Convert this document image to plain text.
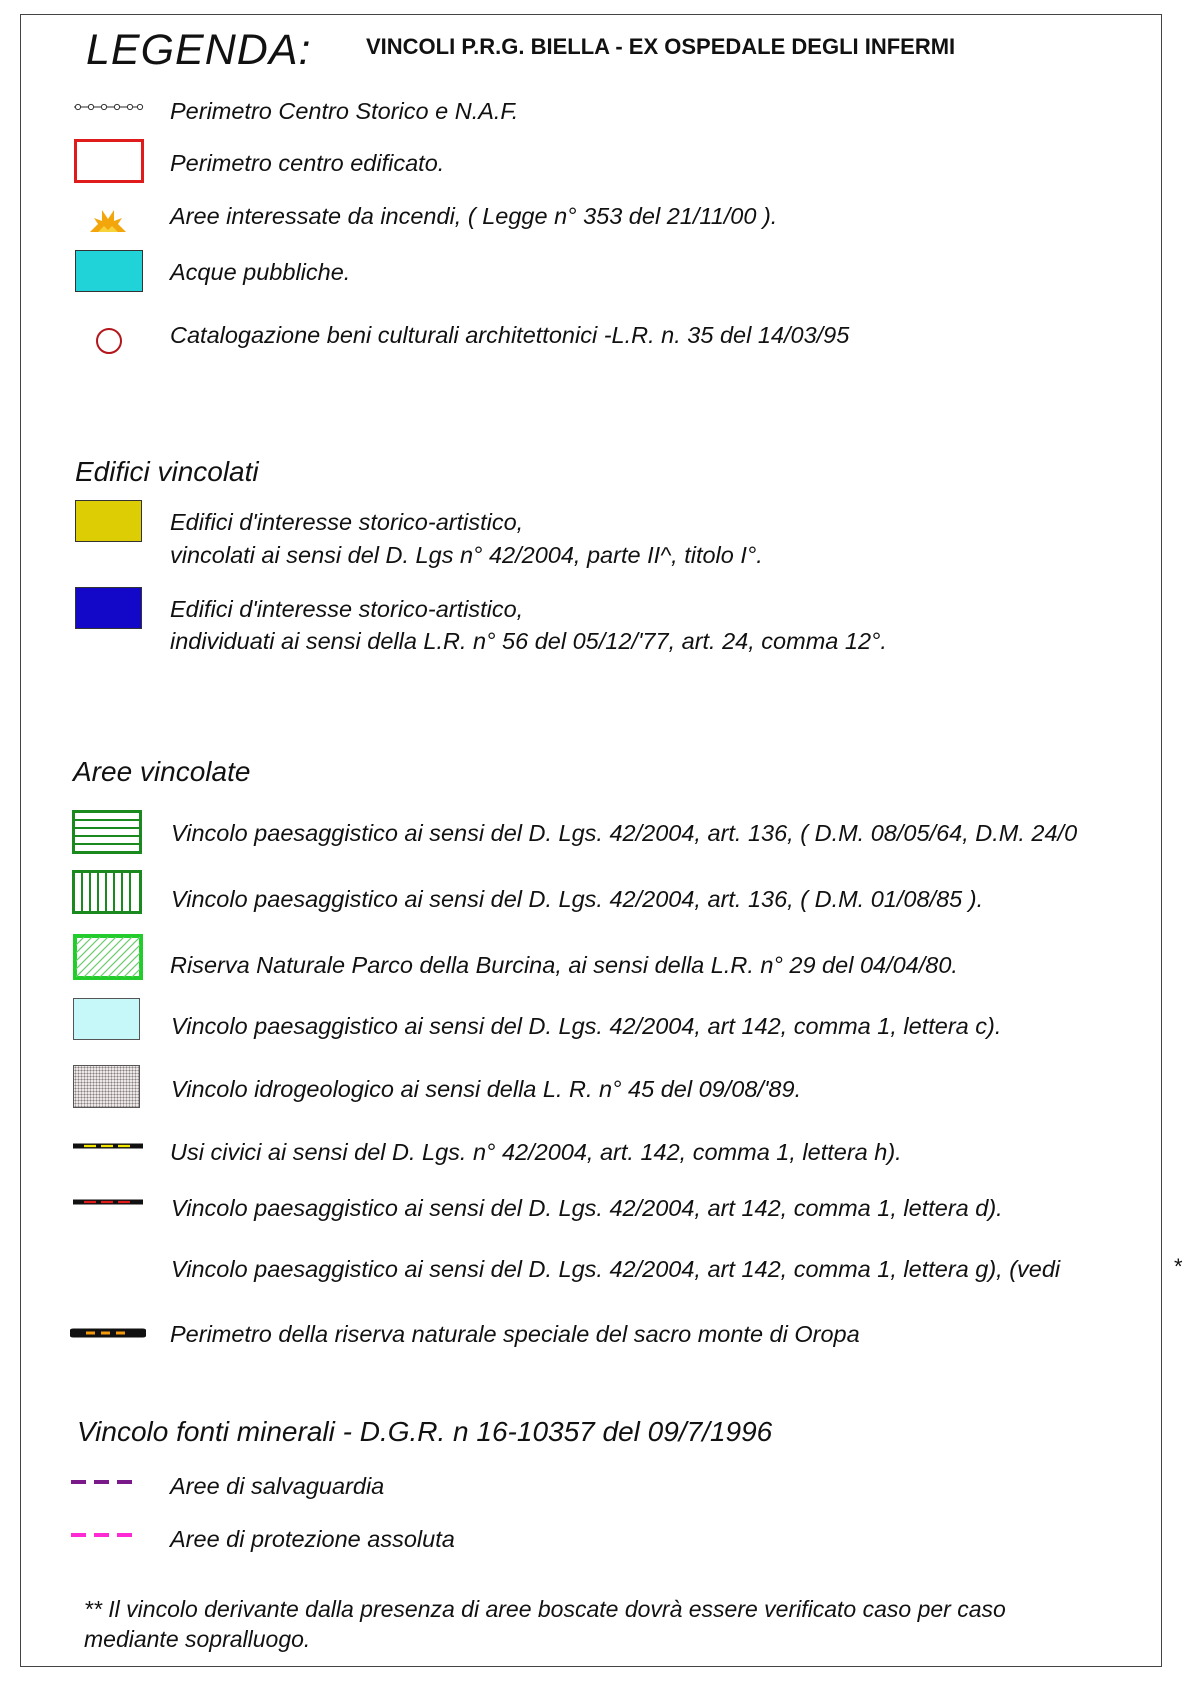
LEGENDA: VINCOLI P.R.G. BIELLA - EX OSPEDALE DEGLI INFERMI
Perimetro Centro Storico e N.A.F.
Perimetro centro edificato.
Aree interessate da incendi, ( Legge n° 353 del 21/11/00 ).
Acque pubbliche.
Catalogazione beni culturali architettonici -L.R. n. 35 del 14/03/95
Edifici vincolati
Edifici d'interesse storico-artistico,
vincolati ai sensi del D. Lgs n° 42/2004, parte II^, titolo I°.
Edifici d'interesse storico-artistico,
individuati ai sensi della L.R. n° 56 del 05/12/'77, art. 24, comma 12°.
Aree vincolate
Vincolo paesaggistico ai sensi del D. Lgs. 42/2004, art. 136, ( D.M. 08/05/64, D.M. 24/0
Vincolo paesaggistico ai sensi del D. Lgs. 42/2004, art. 136, ( D.M. 01/08/85 ).
Riserva Naturale Parco della Burcina, ai sensi della L.R. n° 29 del 04/04/80.
Vincolo paesaggistico ai sensi del D. Lgs. 42/2004, art 142, comma 1, lettera c).
Vincolo idrogeologico ai sensi della L. R. n° 45 del 09/08/'89.
Usi civici ai sensi del D. Lgs. n° 42/2004, art. 142, comma 1, lettera h).
Vincolo paesaggistico ai sensi del D. Lgs. 42/2004, art 142, comma 1, lettera d).
Vincolo paesaggistico ai sensi del D. Lgs. 42/2004, art 142, comma 1, lettera g), (vedi	*
Perimetro della riserva naturale speciale del sacro monte di Oropa
Vincolo fonti minerali - D.G.R. n 16-10357 del 09/7/1996
Aree di salvaguardia
Aree di protezione assoluta
** Il vincolo derivante dalla presenza di aree boscate dovrà essere verificato caso per caso
mediante sopralluogo.
